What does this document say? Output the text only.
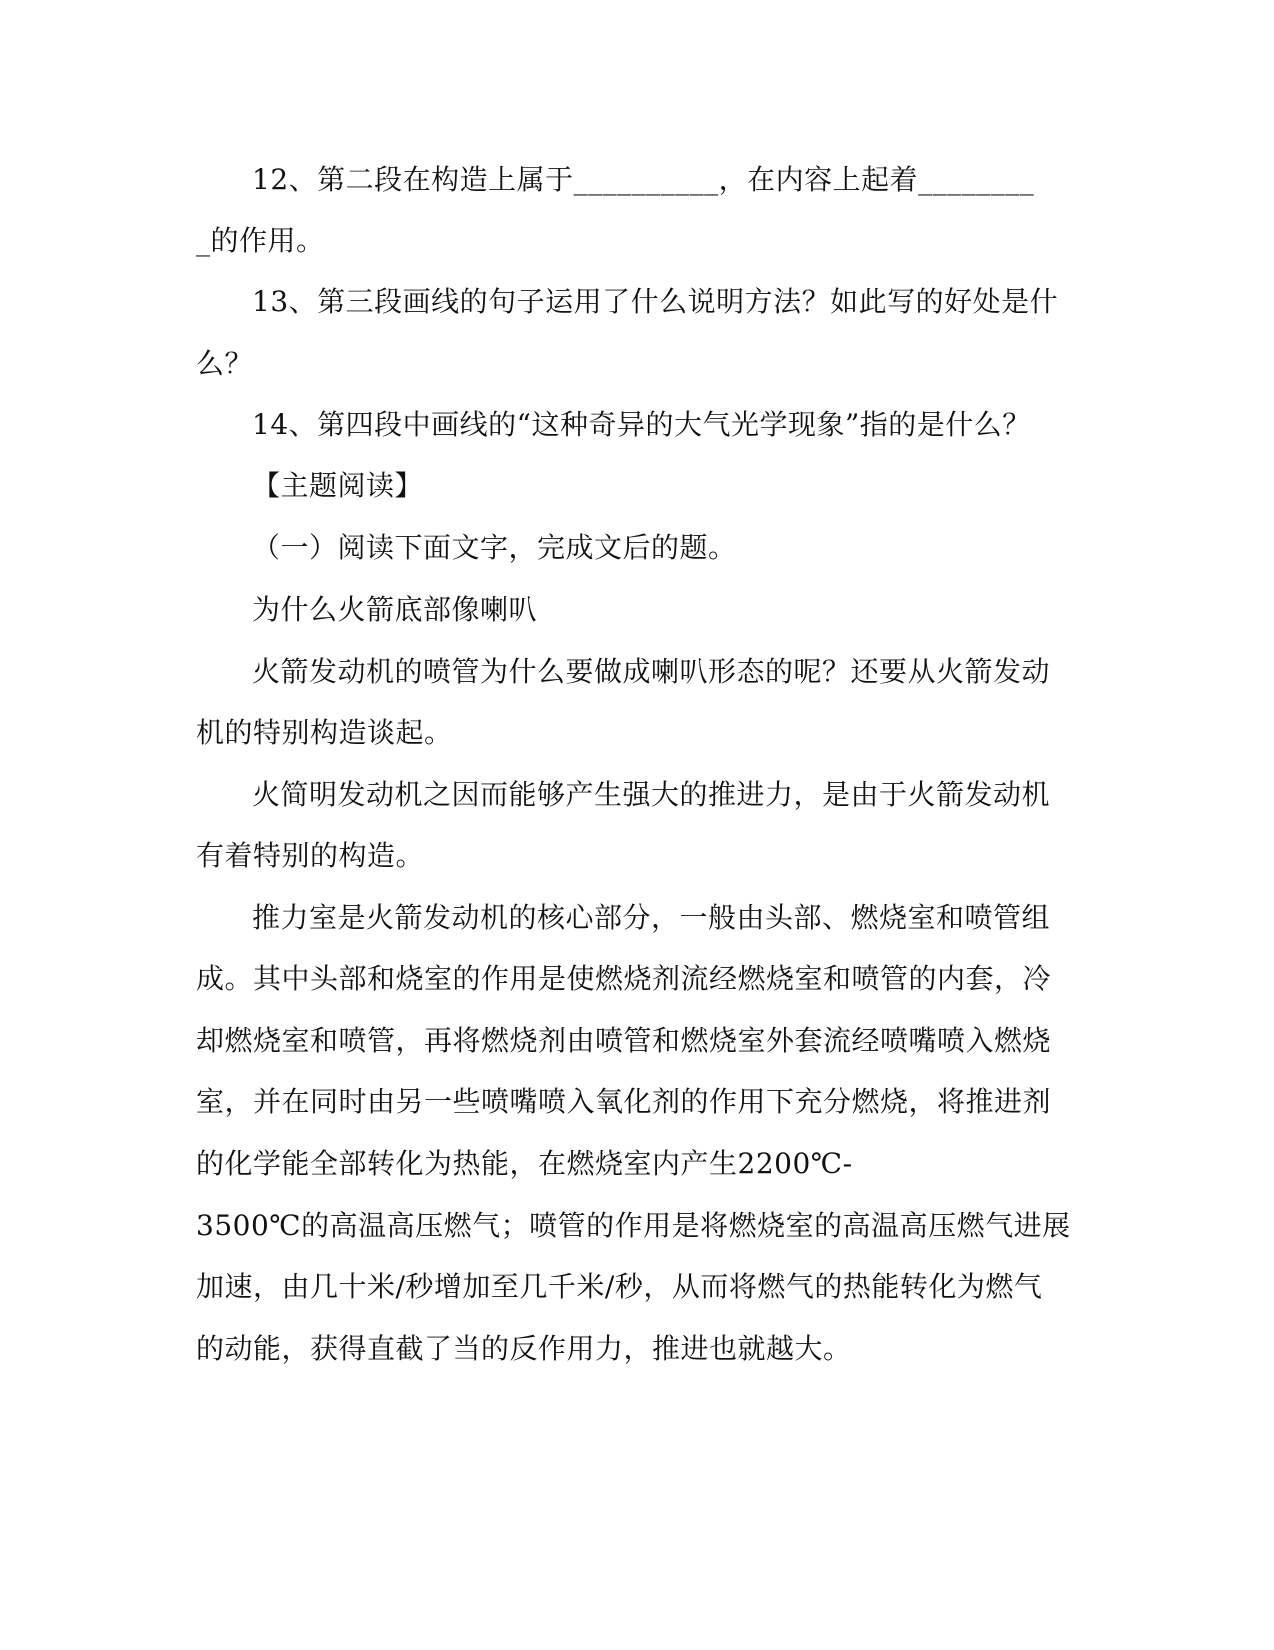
12、第二段在构造上属于__________，在内容上起着________
_的作用。
13、第三段画线的句子运用了什么说明方法？如此写的好处是什
么？
14、第四段中画线的“这种奇异的大气光学现象”指的是什么？
【主题阅读】
（一）阅读下面文字，完成文后的题。
为什么火箭底部像喇叭
火箭发动机的喷管为什么要做成喇叭形态的呢？还要从火箭发动
机的特别构造谈起。
火简明发动机之因而能够产生强大的推进力，是由于火箭发动机
有着特别的构造。
推力室是火箭发动机的核心部分，一般由头部、燃烧室和喷管组
成。其中头部和烧室的作用是使燃烧剂流经燃烧室和喷管的内套，冷
却燃烧室和喷管，再将燃烧剂由喷管和燃烧室外套流经喷嘴喷入燃烧
室，并在同时由另一些喷嘴喷入氧化剂的作用下充分燃烧，将推进剂
的化学能全部转化为热能，在燃烧室内产生2200℃-
3500℃的高温高压燃气；喷管的作用是将燃烧室的高温高压燃气进展
加速，由几十米/秒增加至几千米/秒，从而将燃气的热能转化为燃气
的动能，获得直截了当的反作用力，推进也就越大。
